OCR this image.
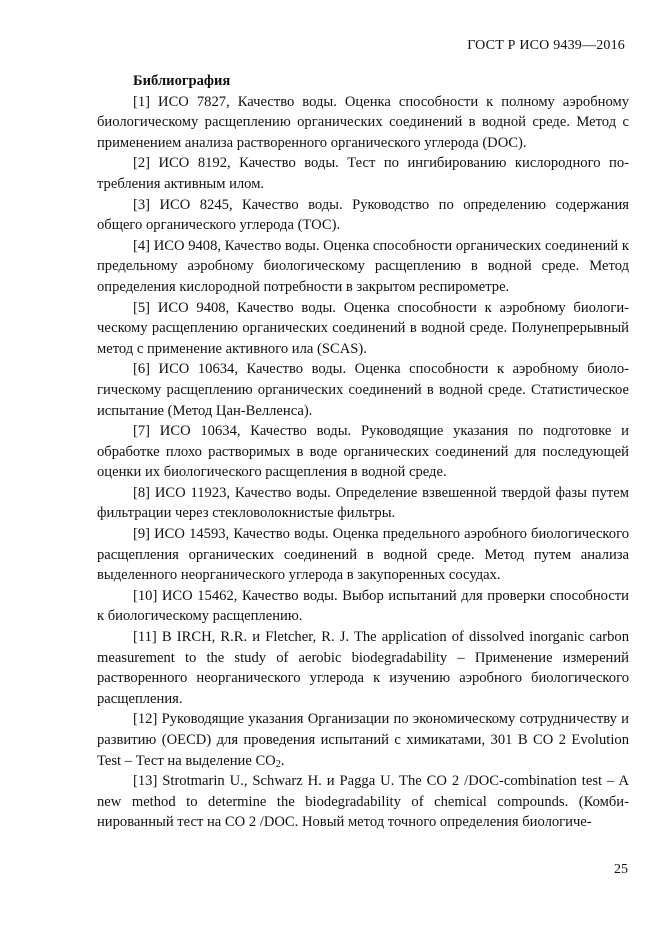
ГОСТ Р ИСО 9439—2016

Библиография

[1] ИСО 7827, Качество воды. Оценка способности к полному аэробному биологическому расщеплению органических соединений в водной среде. Метод с применением анализа растворенного органического углерода (DOC).

[2] ИСО 8192, Качество воды. Тест по ингибированию кислородного потребления активным илом.

[3] ИСО 8245, Качество воды. Руководство по определению содержания общего органического углерода (ТОС).

[4] ИСО 9408, Качество воды. Оценка способности органических соединений к предельному аэробному биологическому расщеплению в водной среде. Метод определения кислородной потребности в закрытом респирометре.

[5] ИСО 9408, Качество воды. Оценка способности к аэробному биологическому расщеплению органических соединений в водной среде. Полунепрерывный метод с применение активного ила (SCAS).

[6] ИСО 10634, Качество воды. Оценка способности к аэробному биологическому расщеплению органических соединений в водной среде. Статистическое испытание (Метод Цан-Веллeнса).

[7] ИСО 10634, Качество воды. Руководящие указания по подготовке и обработке плохо растворимых в воде органических соединений для последующей оценки их биологического расщепления в водной среде.

[8] ИСО 11923, Качество воды. Определение взвешенной твердой фазы путем фильтрации через стекловолокнистые фильтры.

[9] ИСО 14593, Качество воды. Оценка предельного аэробного биологического расщепления органических соединений в водной среде. Метод путем анализа выделенного неорганического углерода в закупоренных сосудах.

[10] ИСО 15462, Качество воды. Выбор испытаний для проверки способности к биологическому расщеплению.

[11] В IRCH, R.R. и Fletcher, R. J. The application of dissolved inorganic carbon measurement to the study of aerobic biodegradability – Применение измерений растворенного неорганического углерода к изучению аэробного биологического расщепления.

[12] Руководящие указания Организации по экономическому сотрудничеству и развитию (OECD) для проведения испытаний с химикатами, 301 В СО 2 Evolution Test – Тест на выделение $СО_2$.

[13] Strotmarin U., Schwarz H. и Pagga U. The CO 2 /DOC-combination test – A new method to determine the biodegradability of chemical compounds. (Комбинированный тест на СО 2 /DOC. Новый метод точного определения биологиче-

25
